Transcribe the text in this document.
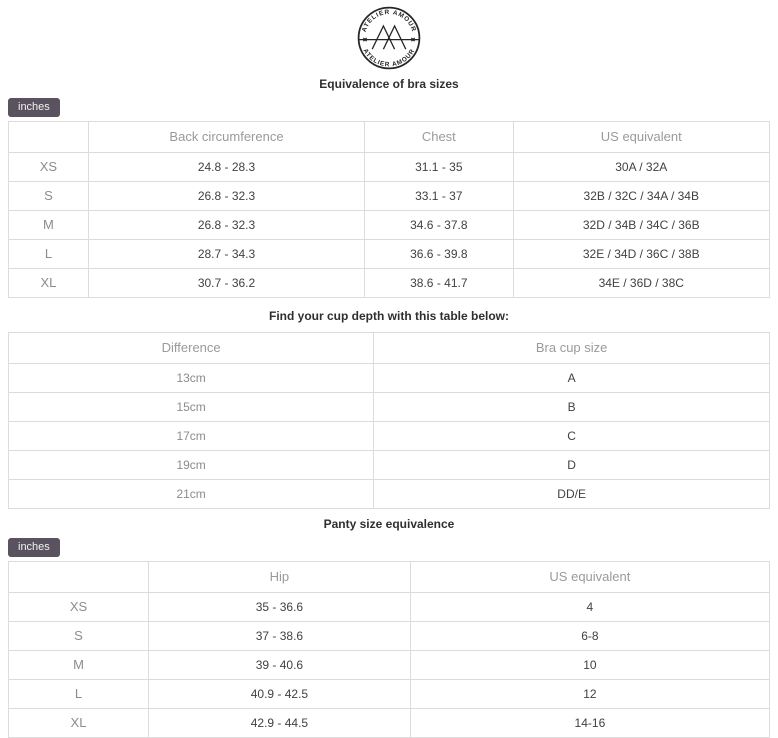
ATELIER AMOUR
ATELIER AMOUR
Equivalence of bra sizes
inches
	Back circumference	Chest	US equivalent
XS	24.8 - 28.3	31.1 - 35	30A / 32A
S	26.8 - 32.3	33.1 - 37	32B / 32C / 34A / 34B
M	26.8 - 32.3	34.6 - 37.8	32D / 34B / 34C / 36B
L	28.7 - 34.3	36.6 - 39.8	32E / 34D / 36C / 38B
XL	30.7 - 36.2	38.6 - 41.7	34E / 36D / 38C
Find your cup depth with this table below:
Difference	Bra cup size
13cm	A
15cm	B
17cm	C
19cm	D
21cm	DD/E
Panty size equivalence
inches
	Hip	US equivalent
XS	35 - 36.6	4
S	37 - 38.6	6-8
M	39 - 40.6	10
L	40.9 - 42.5	12
XL	42.9 - 44.5	14-16
